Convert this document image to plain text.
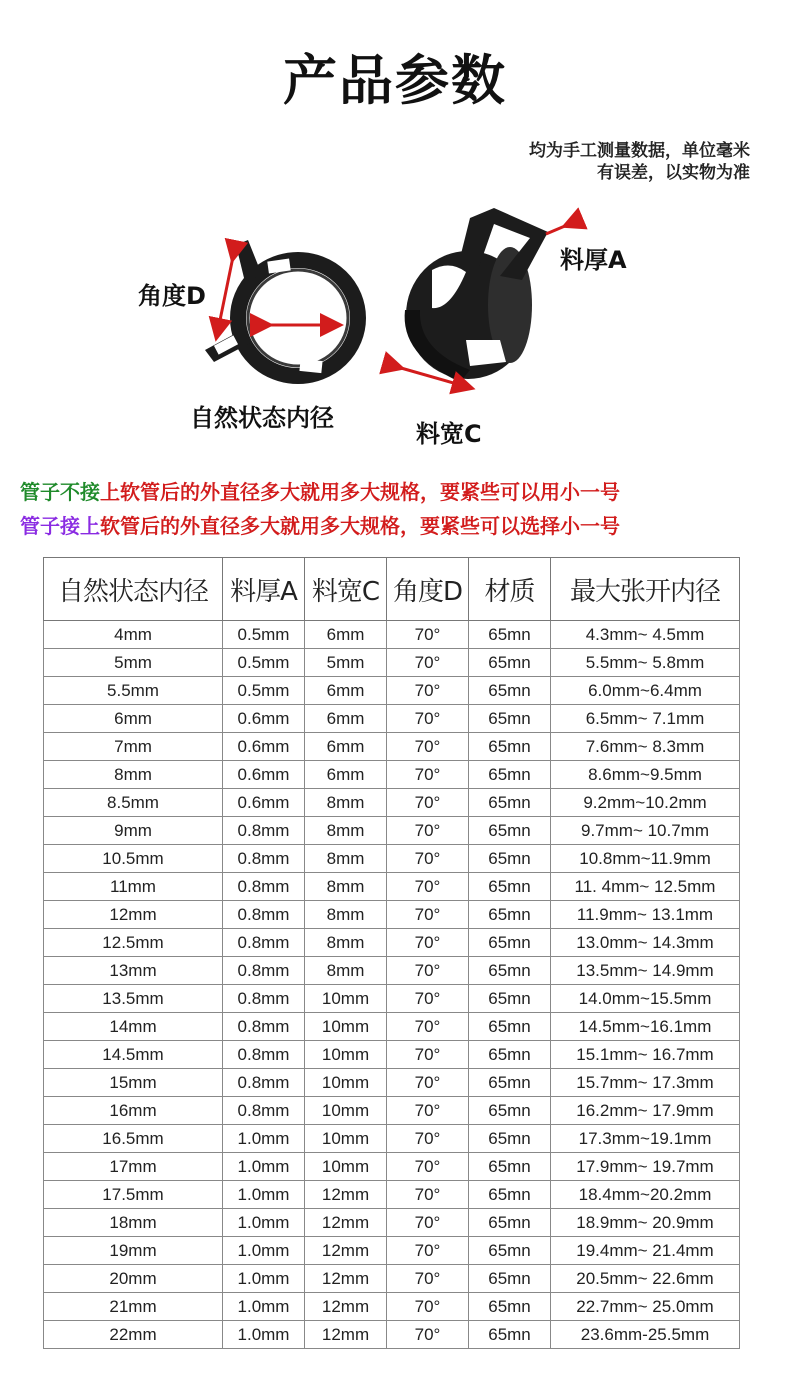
产品参数
均为手工测量数据，单位毫米
有误差，以实物为准
角度D
自然状态内径
料厚A
料宽C
管子不接上软管后的外直径多大就用多大规格，要紧些可以用小一号
管子接上软管后的外直径多大就用多大规格，要紧些可以选择小一号
自然状态内径	料厚A	料宽C	角度D	材质	最大张开内径
4mm	0.5mm	6mm	70°	65mn	4.3mm~ 4.5mm
5mm	0.5mm	5mm	70°	65mn	5.5mm~ 5.8mm
5.5mm	0.5mm	6mm	70°	65mn	6.0mm~6.4mm
6mm	0.6mm	6mm	70°	65mn	6.5mm~ 7.1mm
7mm	0.6mm	6mm	70°	65mn	7.6mm~ 8.3mm
8mm	0.6mm	6mm	70°	65mn	8.6mm~9.5mm
8.5mm	0.6mm	8mm	70°	65mn	9.2mm~10.2mm
9mm	0.8mm	8mm	70°	65mn	9.7mm~ 10.7mm
10.5mm	0.8mm	8mm	70°	65mn	10.8mm~11.9mm
11mm	0.8mm	8mm	70°	65mn	11. 4mm~ 12.5mm
12mm	0.8mm	8mm	70°	65mn	11.9mm~ 13.1mm
12.5mm	0.8mm	8mm	70°	65mn	13.0mm~ 14.3mm
13mm	0.8mm	8mm	70°	65mn	13.5mm~ 14.9mm
13.5mm	0.8mm	10mm	70°	65mn	14.0mm~15.5mm
14mm	0.8mm	10mm	70°	65mn	14.5mm~16.1mm
14.5mm	0.8mm	10mm	70°	65mn	15.1mm~ 16.7mm
15mm	0.8mm	10mm	70°	65mn	15.7mm~ 17.3mm
16mm	0.8mm	10mm	70°	65mn	16.2mm~ 17.9mm
16.5mm	1.0mm	10mm	70°	65mn	17.3mm~19.1mm
17mm	1.0mm	10mm	70°	65mn	17.9mm~ 19.7mm
17.5mm	1.0mm	12mm	70°	65mn	18.4mm~20.2mm
18mm	1.0mm	12mm	70°	65mn	18.9mm~ 20.9mm
19mm	1.0mm	12mm	70°	65mn	19.4mm~ 21.4mm
20mm	1.0mm	12mm	70°	65mn	20.5mm~ 22.6mm
21mm	1.0mm	12mm	70°	65mn	22.7mm~ 25.0mm
22mm	1.0mm	12mm	70°	65mn	23.6mm-25.5mm
